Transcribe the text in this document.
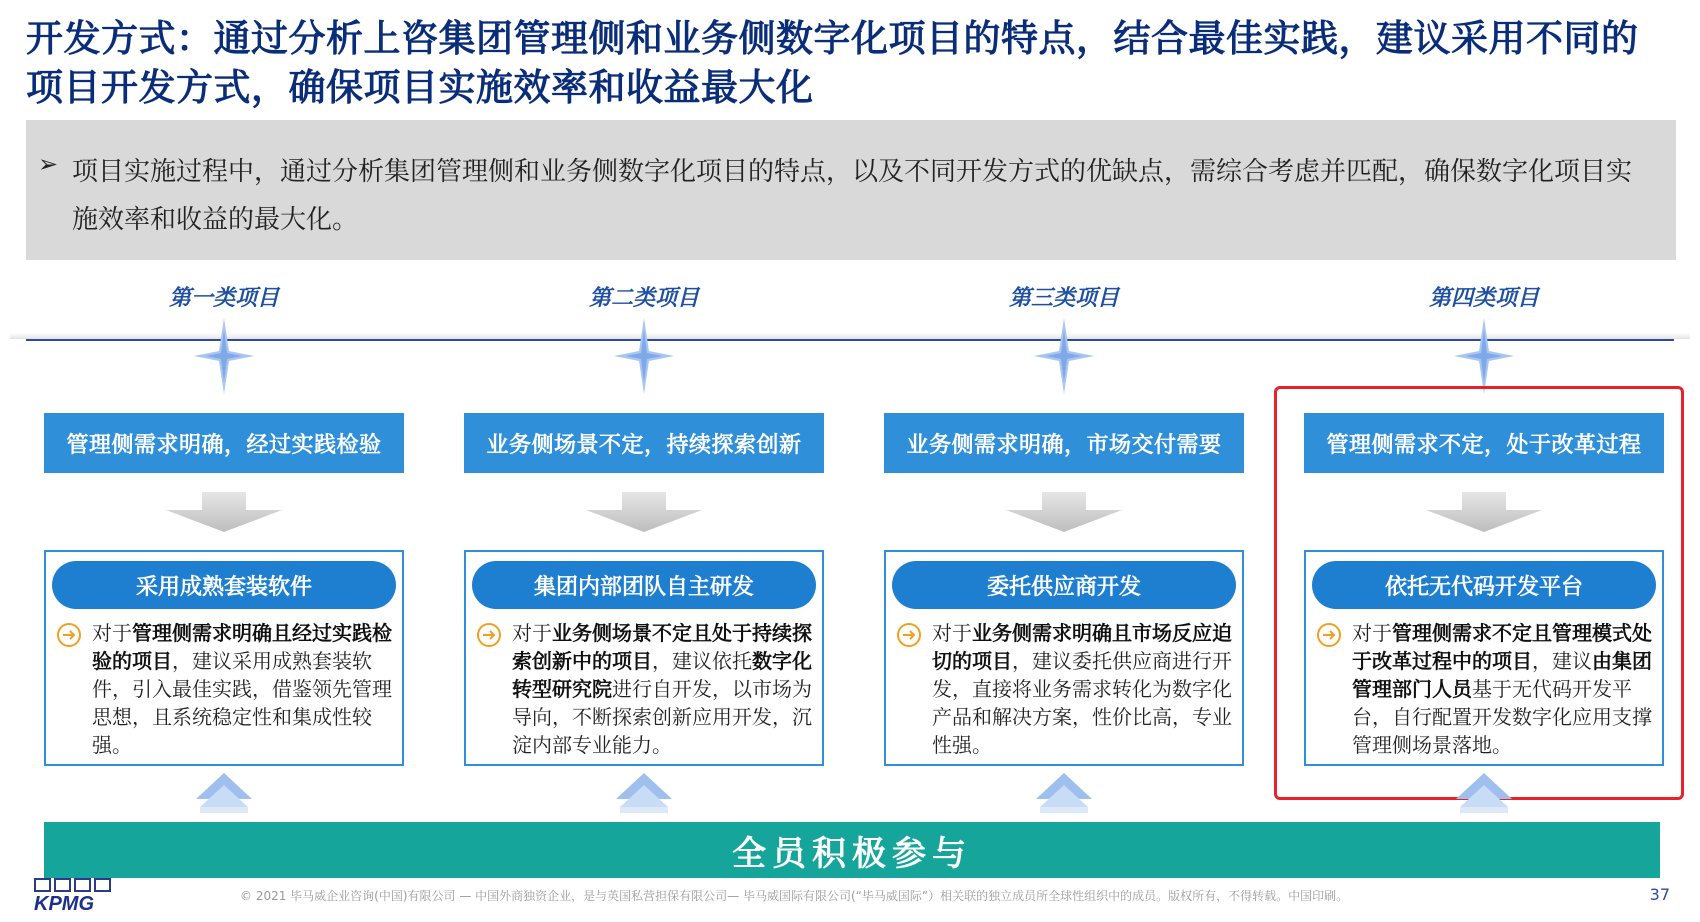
开发方式：通过分析上咨集团管理侧和业务侧数字化项目的特点，结合最佳实践，建议采用不同的项目开发方式，确保项目实施效率和收益最大化
➢ 项目实施过程中，通过分析集团管理侧和业务侧数字化项目的特点，以及不同开发方式的优缺点，需综合考虑并匹配，确保数字化项目实施效率和收益的最大化。
第一类项目	第二类项目	第三类项目	第四类项目
管理侧需求明确，经过实践检验	业务侧场景不定，持续探索创新	业务侧需求明确，市场交付需要	管理侧需求不定，处于改革过程
采用成熟套装软件
对于管理侧需求明确且经过实践检验的项目，建议采用成熟套装软件，引入最佳实践，借鉴领先管理思想，且系统稳定性和集成性较强。
集团内部团队自主研发
对于业务侧场景不定且处于持续探索创新中的项目，建议依托数字化转型研究院进行自开发，以市场为导向，不断探索创新应用开发，沉淀内部专业能力。
委托供应商开发
对于业务侧需求明确且市场反应迫切的项目，建议委托供应商进行开发，直接将业务需求转化为数字化产品和解决方案，性价比高，专业性强。
依托无代码开发平台
对于管理侧需求不定且管理模式处于改革过程中的项目，建议由集团管理部门人员基于无代码开发平台，自行配置开发数字化应用支撑管理侧场景落地。
全员积极参与
KPMG	© 2021 毕马威企业咨询(中国)有限公司 — 中国外商独资企业，是与英国私营担保有限公司— 毕马威国际有限公司(“毕马威国际”）相关联的独立成员所全球性组织中的成员。版权所有，不得转载。中国印刷。	37
